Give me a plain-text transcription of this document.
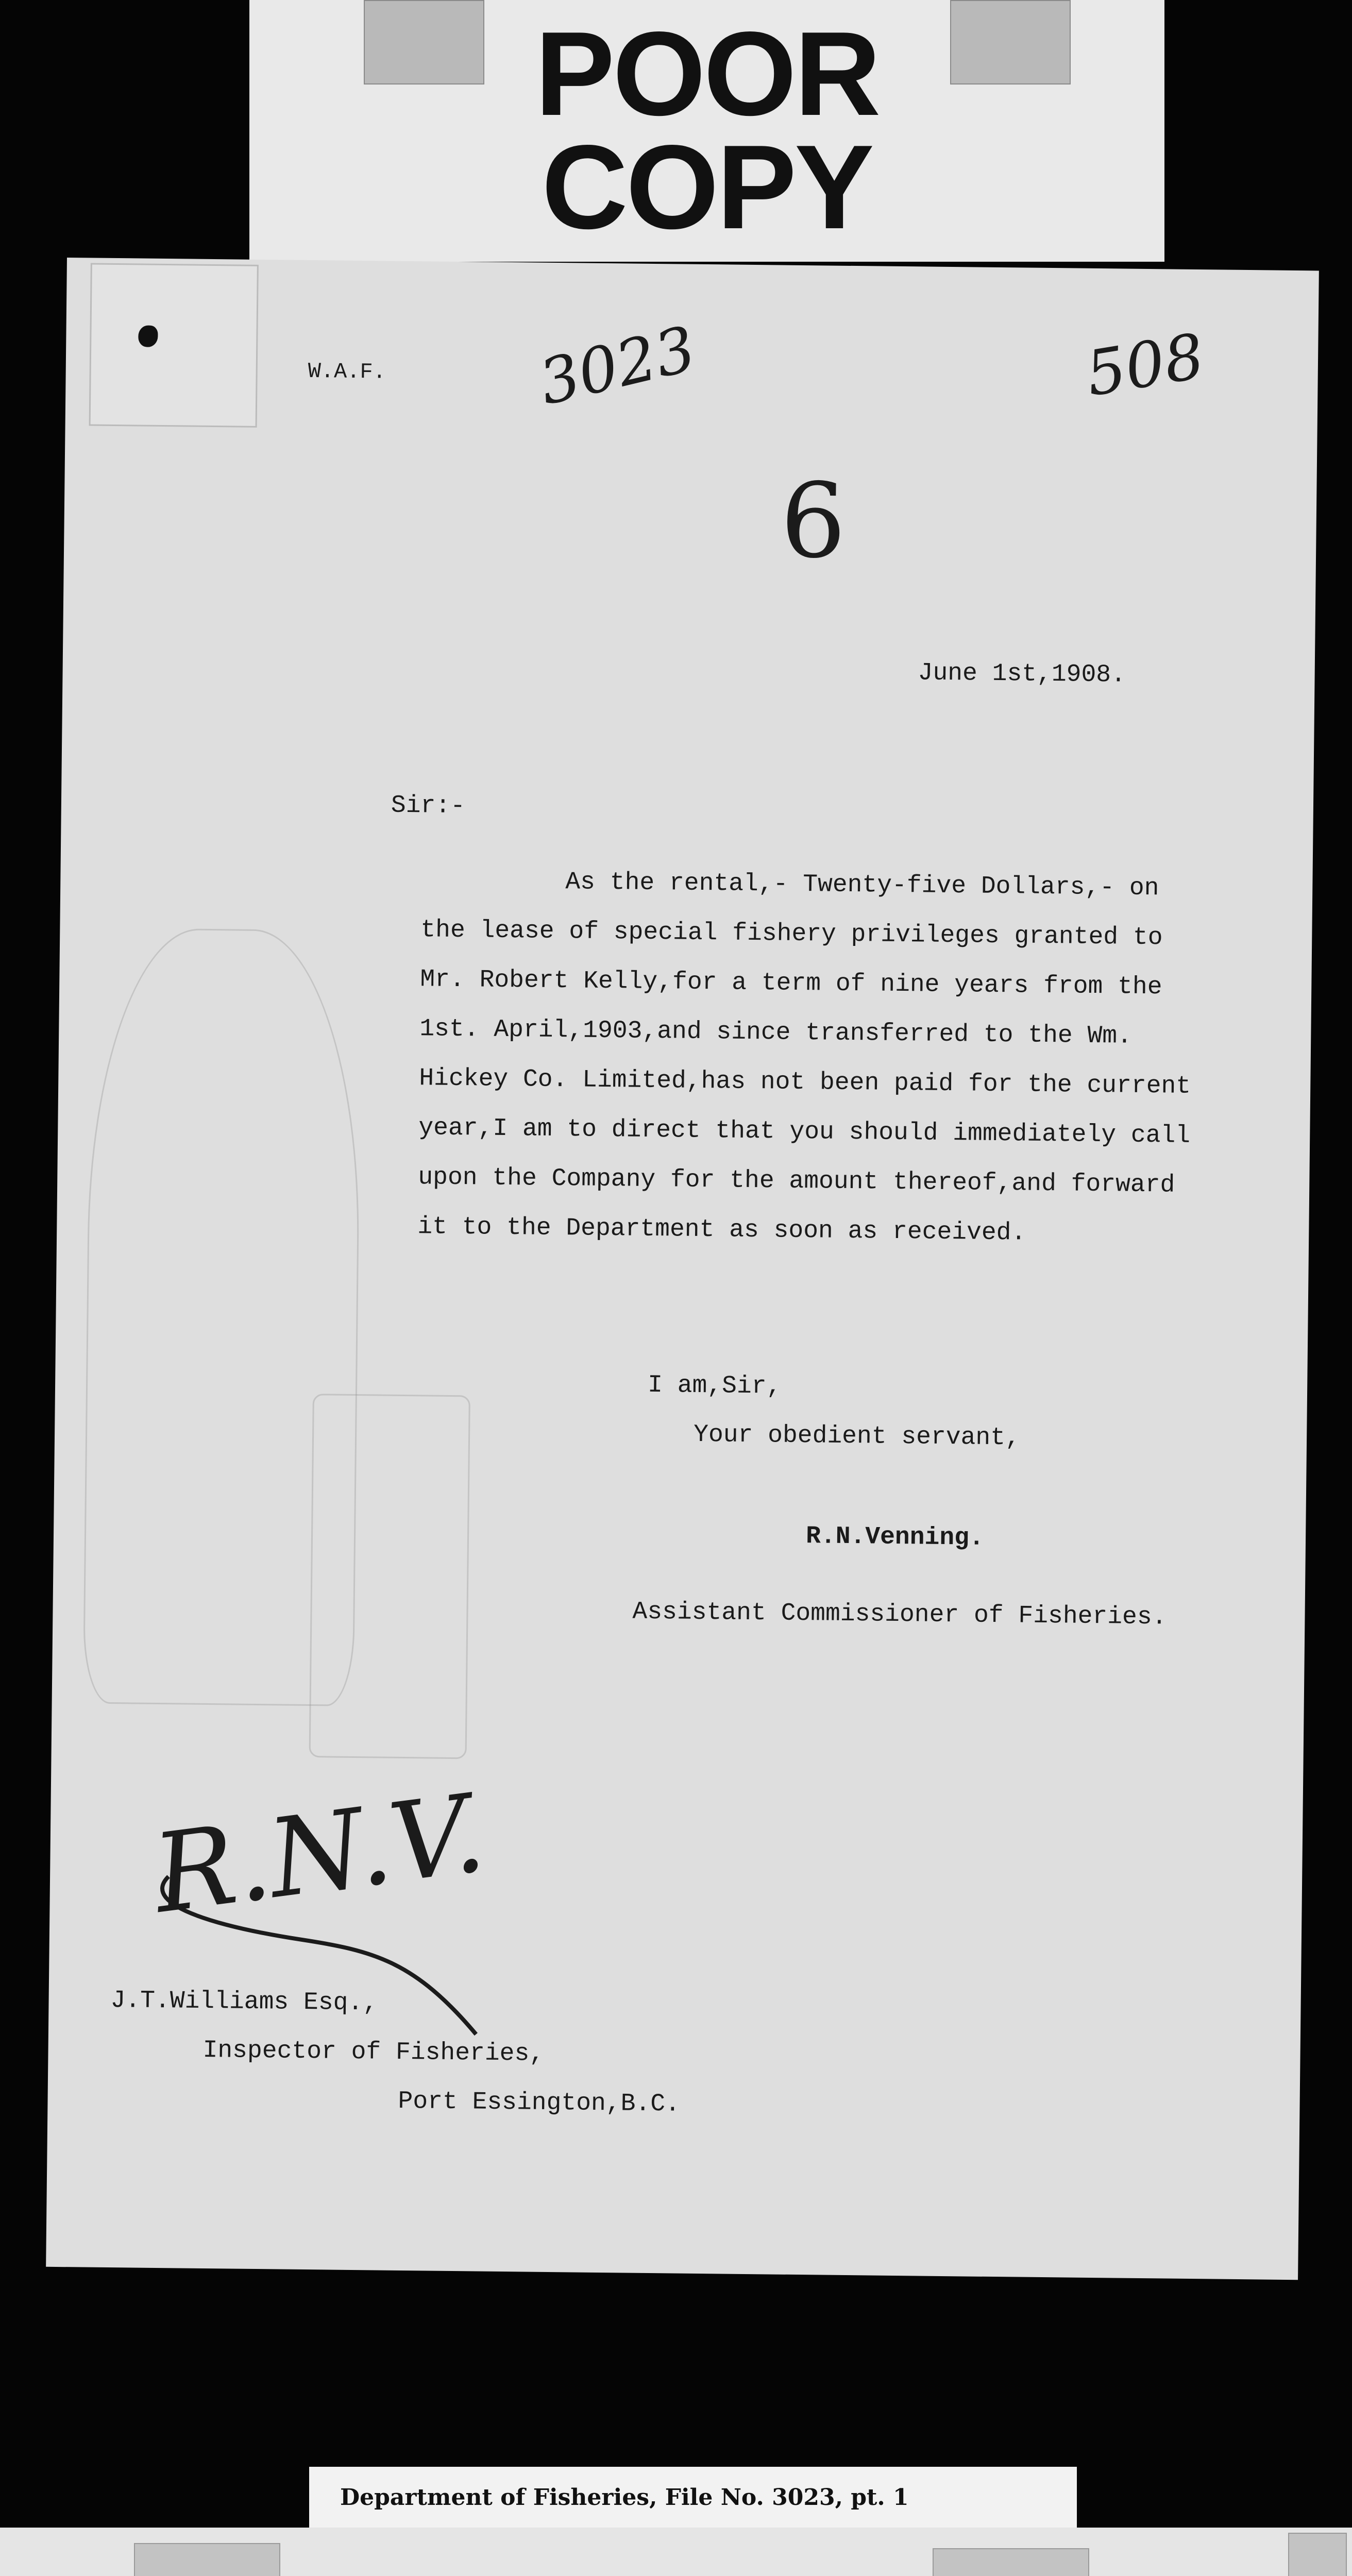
POOR
COPY
W.A.F. 3023	508
6
June 1st,1908.
Sir:-
As the rental,- Twenty-five Dollars,- on
the lease of special fishery privileges granted to
Mr. Robert Kelly,for a term of nine years from the
1st. April,1903,and since transferred to the Wm.
Hickey Co. Limited,has not been paid for the current
year,I am to direct that you should immediately call
upon the Company for the amount thereof,and forward
it to the Department as soon as received.
I am,Sir,
Your obedient servant,
R.N.Venning.
Assistant Commissioner of Fisheries.
R.N.V.
J.T.Williams Esq.,
Inspector of Fisheries,
Port Essington,B.C.
Department of Fisheries, File No. 3023, pt. 1
